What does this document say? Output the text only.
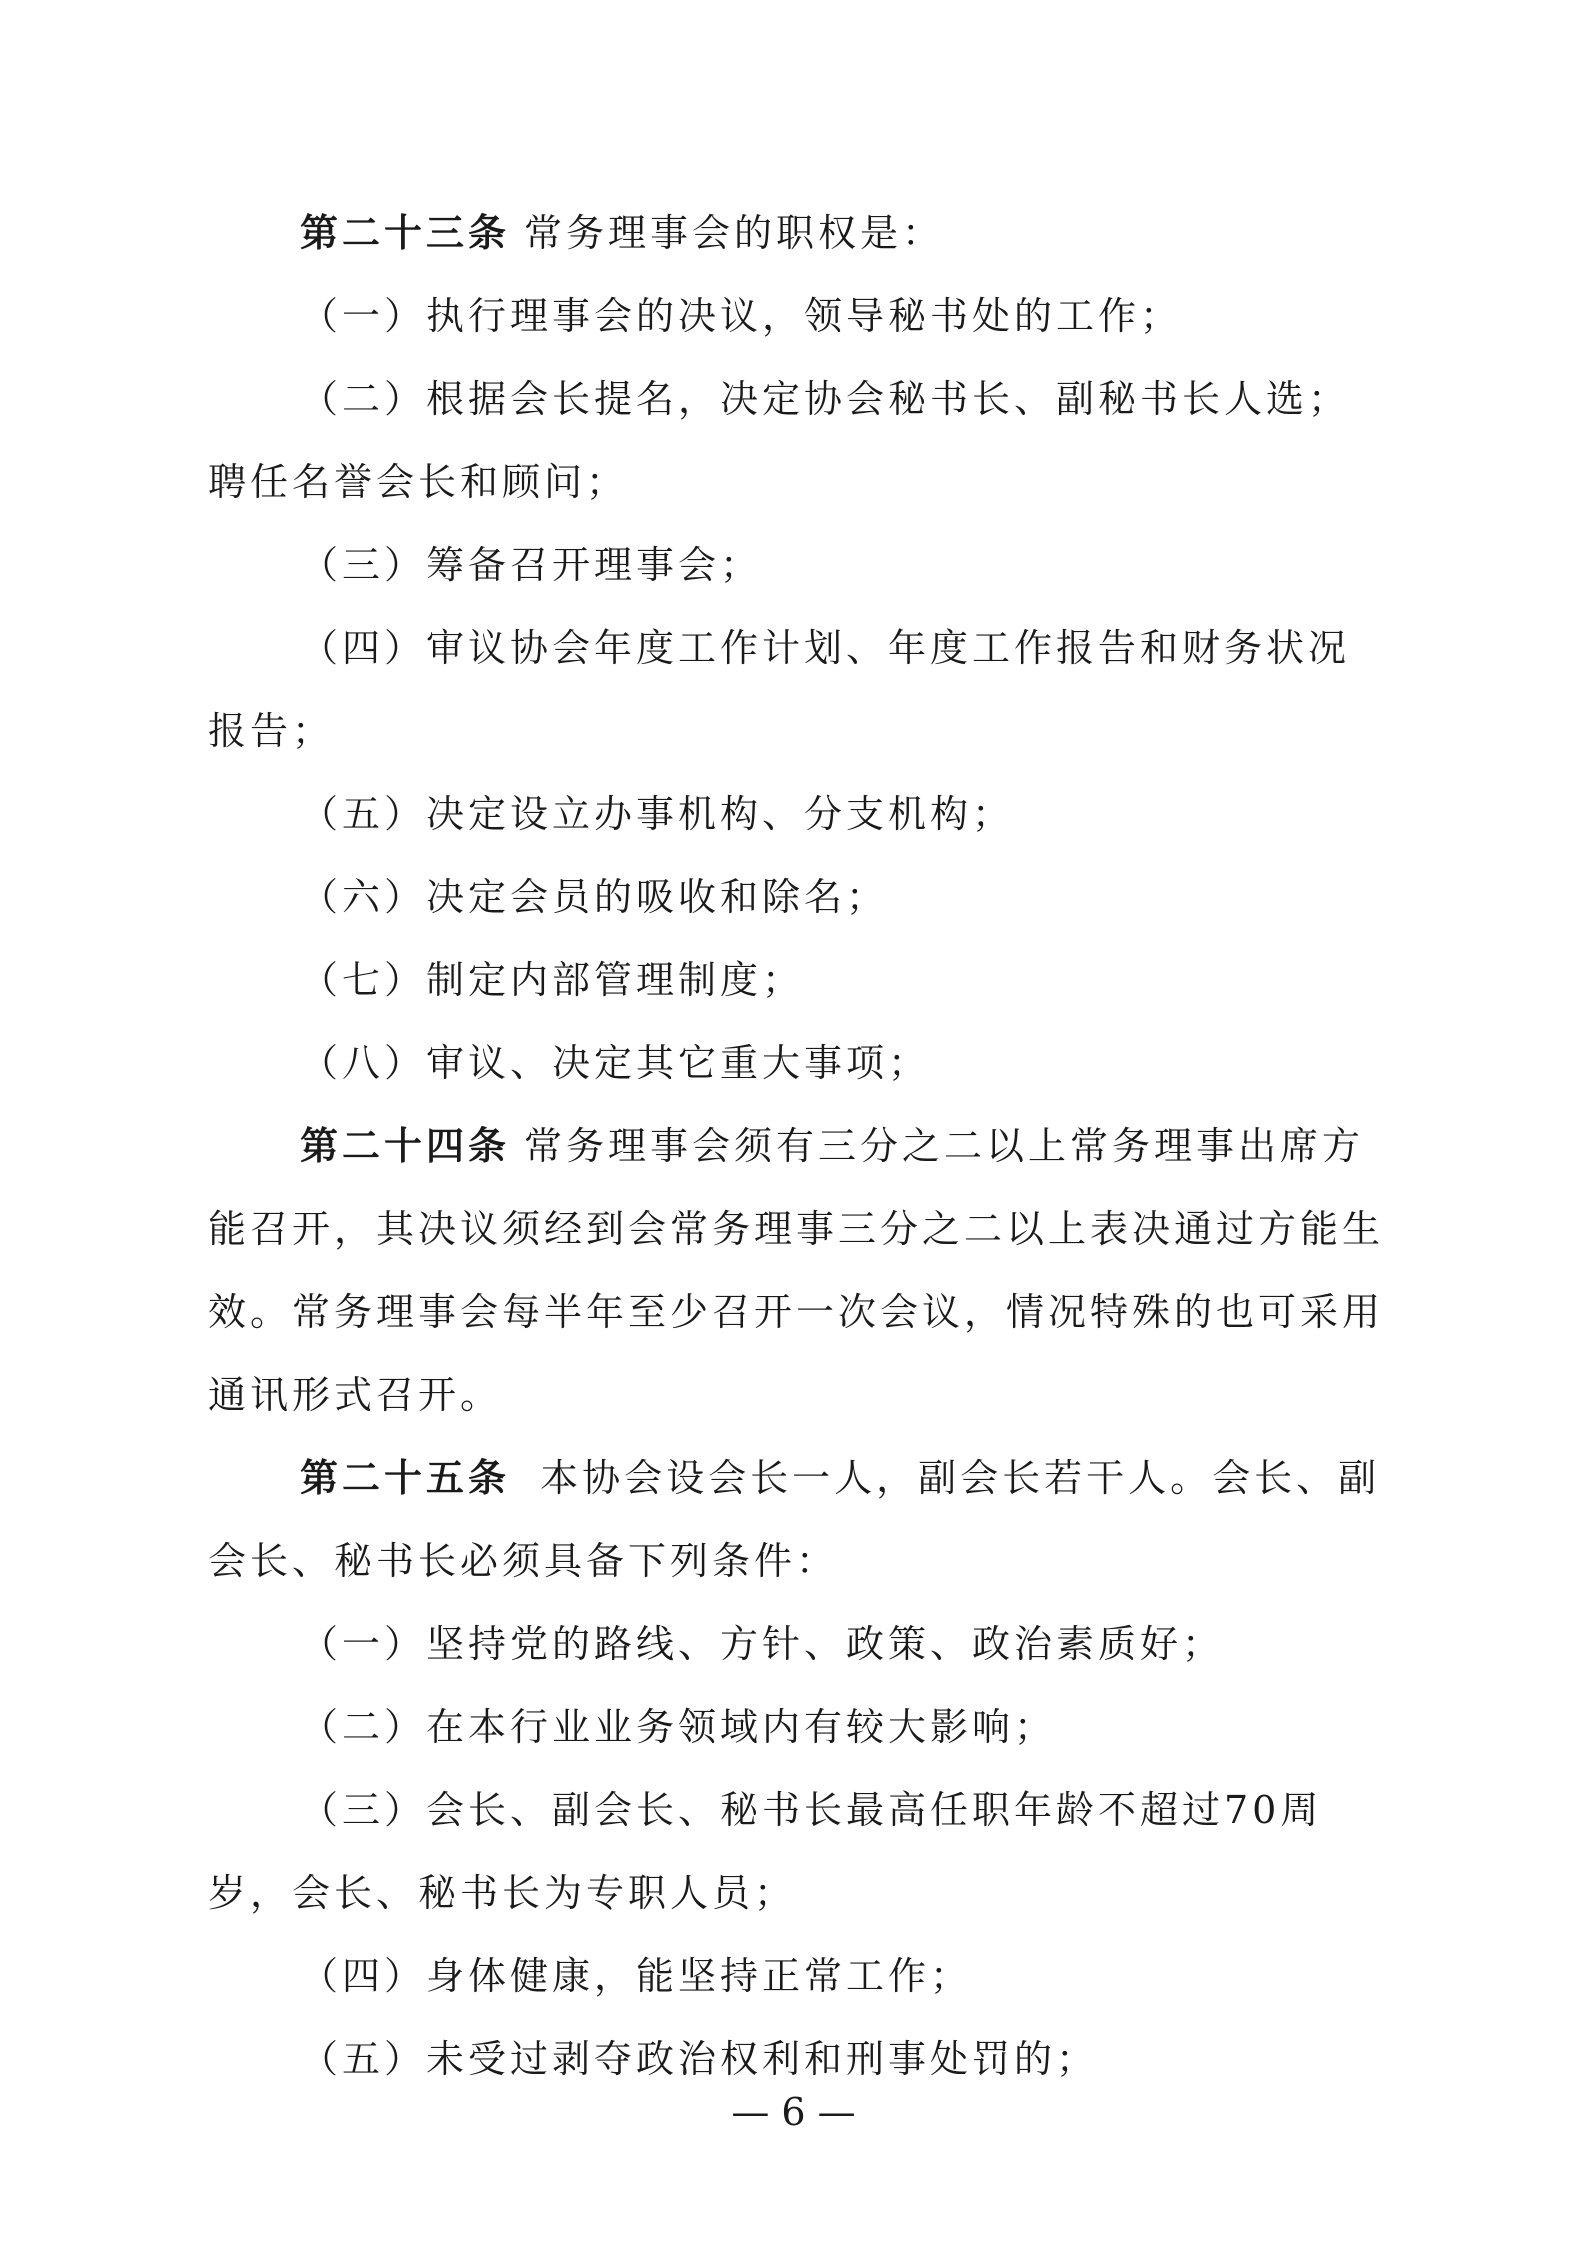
第二十三条 常务理事会的职权是：

（一）执行理事会的决议，领导秘书处的工作；

（二）根据会长提名，决定协会秘书长、副秘书长人选；聘任名誉会长和顾问；

（三）筹备召开理事会；

（四）审议协会年度工作计划、年度工作报告和财务状况报告；

（五）决定设立办事机构、分支机构；

（六）决定会员的吸收和除名；

（七）制定内部管理制度；

（八）审议、决定其它重大事项；

第二十四条 常务理事会须有三分之二以上常务理事出席方能召开，其决议须经到会常务理事三分之二以上表决通过方能生效。常务理事会每半年至少召开一次会议，情况特殊的也可采用通讯形式召开。

第二十五条 本协会设会长一人，副会长若干人。会长、副会长、秘书长必须具备下列条件：

（一）坚持党的路线、方针、政策、政治素质好；

（二）在本行业业务领域内有较大影响；

（三）会长、副会长、秘书长最高任职年龄不超过70周岁，会长、秘书长为专职人员；

（四）身体健康，能坚持正常工作；

（五）未受过剥夺政治权利和刑事处罚的；

— 6 —
